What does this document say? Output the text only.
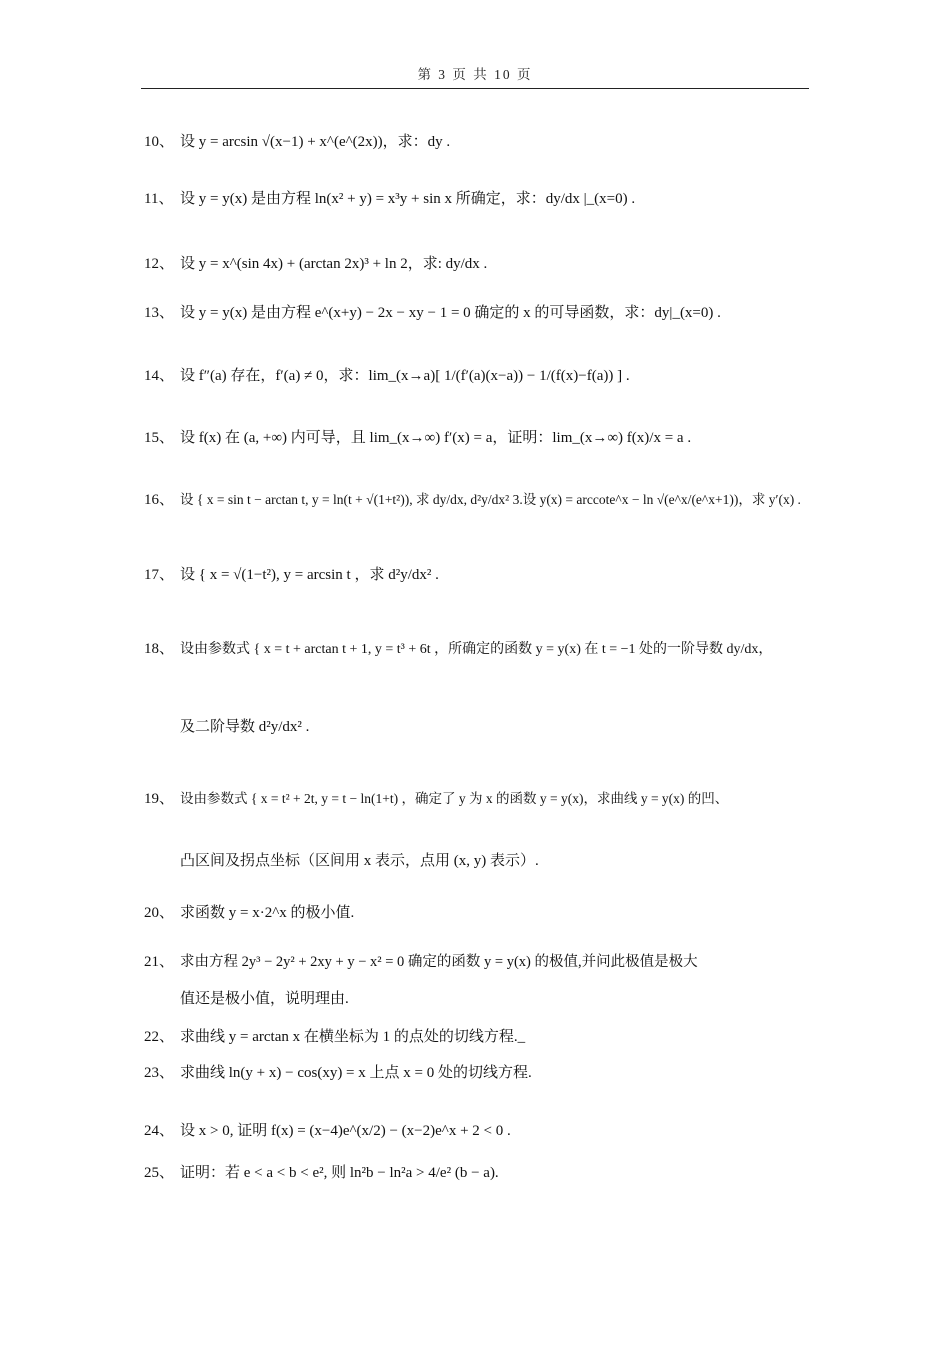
第 3 页 共 10 页
10、 设 y = arcsin √(x−1) + x^(e^(2x))，求：dy .
11、 设 y = y(x) 是由方程 ln(x² + y) = x³y + sin x 所确定，求：dy/dx |_(x=0) .
12、 设 y = x^(sin 4x) + (arctan 2x)³ + ln 2，求: dy/dx .
13、 设 y = y(x) 是由方程 e^(x+y) − 2x − xy − 1 = 0 确定的 x 的可导函数，求：dy|_(x=0) .
14、 设 f″(a) 存在，f′(a) ≠ 0，求：lim_(x→a)[ 1/(f′(a)(x−a)) − 1/(f(x)−f(a)) ] .
15、 设 f(x) 在 (a, +∞) 内可导，且 lim_(x→∞) f′(x) = a，证明：lim_(x→∞) f(x)/x = a .
16、 设 { x = sin t − arctan t, y = ln(t + √(1+t²)), 求 dy/dx, d²y/dx² 3.设 y(x) = arccote^x − ln √(e^x/(e^x+1))，求 y′(x) .
17、 设 { x = √(1−t²), y = arcsin t ，求 d²y/dx² .
18、 设由参数式 { x = t + arctan t + 1, y = t³ + 6t ，所确定的函数 y = y(x) 在 t = −1 处的一阶导数 dy/dx，
及二阶导数 d²y/dx² .
19、 设由参数式 { x = t² + 2t, y = t − ln(1+t) ，确定了 y 为 x 的函数 y = y(x)，求曲线 y = y(x) 的凹、
凸区间及拐点坐标（区间用 x 表示，点用 (x, y) 表示）.
20、 求函数 y = x·2^x 的极小值.
21、 求由方程 2y³ − 2y² + 2xy + y − x² = 0 确定的函数 y = y(x) 的极值,并问此极值是极大
值还是极小值，说明理由.
22、 求曲线 y = arctan x 在横坐标为 1 的点处的切线方程._
23、 求曲线 ln(y + x) − cos(xy) = x 上点 x = 0 处的切线方程.
24、 设 x > 0, 证明 f(x) = (x−4)e^(x/2) − (x−2)e^x + 2 < 0 .
25、 证明：若 e < a < b < e², 则 ln²b − ln²a > 4/e² (b − a).
